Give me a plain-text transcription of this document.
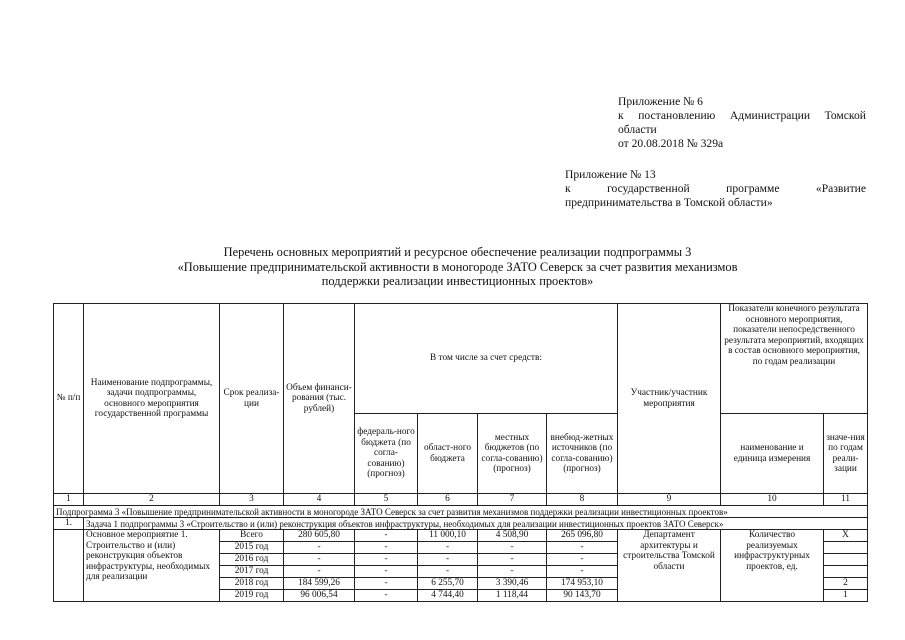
Приложение № 6
к постановлению Администрации Томской
области
от 20.08.2018 № 329а
Приложение № 13
к	государственной	программе	«Развитие
предпринимательства в Томской области»
Перечень основных мероприятий и ресурсное обеспечение реализации подпрограммы 3
«Повышение предпринимательской активности в моногороде ЗАТО Северск за счет развития механизмов
поддержки реализации инвестиционных проектов»
№ п/п	Наименование подпрограммы, задачи подпрограммы, основного мероприятия государственной программы	Срок реализа-ции	Объем финанси-рования (тыс. рублей)	В том числе за счет средств:				Участник/участник мероприятия	Показатели конечного результата основного мероприятия, показатели непосредственного результата мероприятий, входящих в состав основного мероприятия, по годам реализации	
				федераль-ного бюджета (по согла-сованию) (прогноз)	област-ного бюджета	местных бюджетов (по согла-сованию) (прогноз)	внебюд-жетных источников (по согла-сованию) (прогноз)		наименование и единица измерения	значе-ния по годам реали-зации
1	2	3	4	5	6	7	8	9	10	11
Подпрограмма 3 «Повышение предпринимательской активности в моногороде ЗАТО Северск за счет развития механизмов поддержки реализации инвестиционных проектов»										
1.	Задача 1 подпрограммы 3 «Строительство и (или) реконструкция объектов инфраструктуры, необходимых для реализации инвестиционных проектов ЗАТО Северск»									
	Основное мероприятие 1. Строительство и (или) реконструкция объектов инфраструктуры, необходимых для реализации	Всего	280 605,80	-	11 000,10	4 508,90	265 096,80	Департамент архитектуры и строительства Томской области	Количество реализуемых инфраструктурных проектов, ед.	X
		2015 год	-	-	-	-	-			
		2016 год	-	-	-	-	-			
		2017 год	-	-	-	-	-			
		2018 год	184 599,26	-	6 255,70	3 390,46	174 953,10			2
		2019 год	96 006,54	-	4 744,40	1 118,44	90 143,70			1
